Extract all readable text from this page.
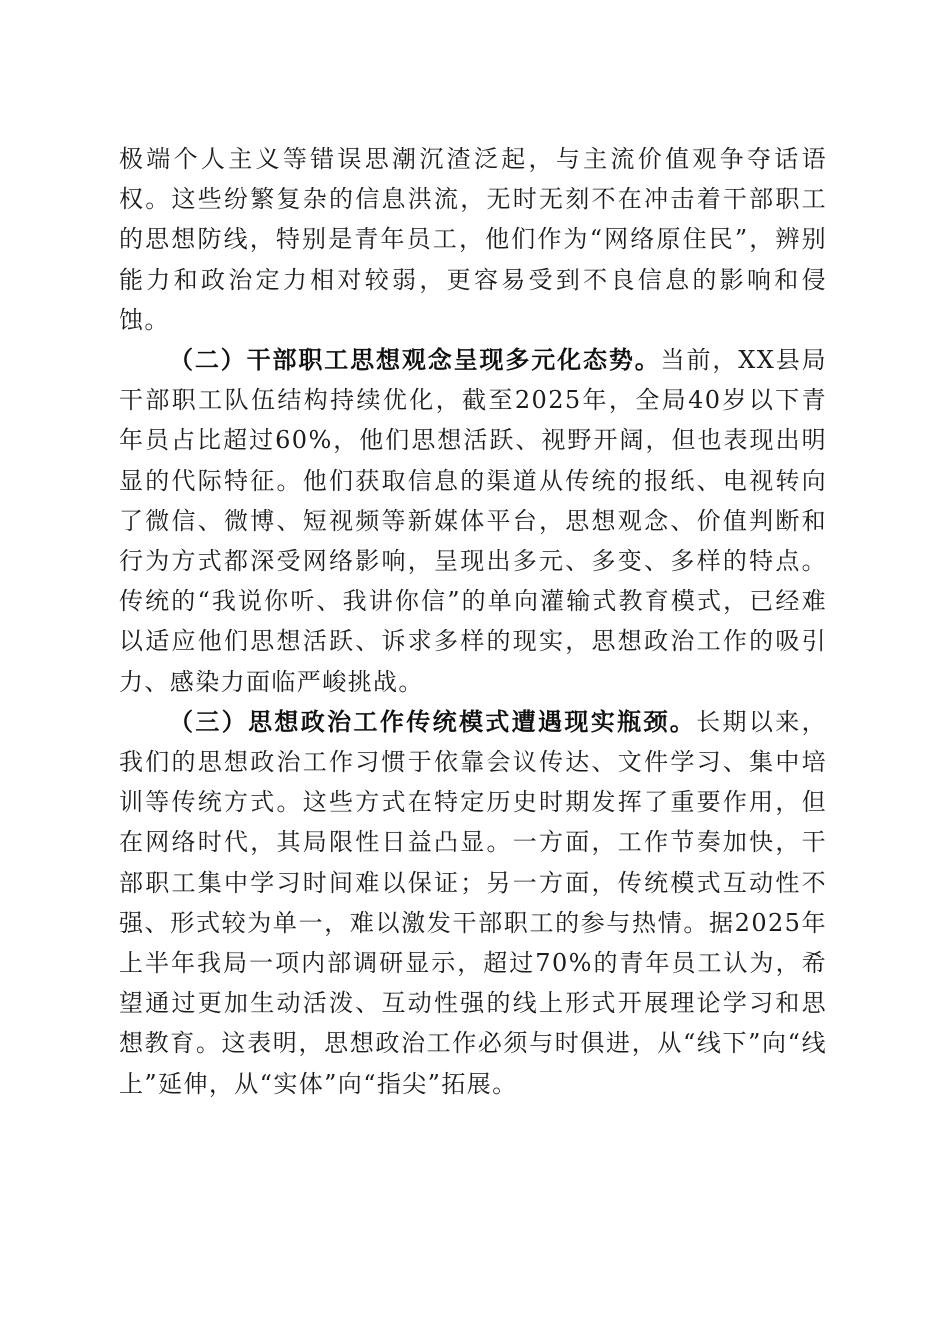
极端个人主义等错误思潮沉渣泛起，与主流价值观争夺话语权。这些纷繁复杂的信息洪流，无时无刻不在冲击着干部职工的思想防线，特别是青年员工，他们作为“网络原住民”，辨别能力和政治定力相对较弱，更容易受到不良信息的影响和侵蚀。

（二）干部职工思想观念呈现多元化态势。当前，XX县局干部职工队伍结构持续优化，截至2025年，全局40岁以下青年员占比超过60%，他们思想活跃、视野开阔，但也表现出明显的代际特征。他们获取信息的渠道从传统的报纸、电视转向了微信、微博、短视频等新媒体平台，思想观念、价值判断和行为方式都深受网络影响，呈现出多元、多变、多样的特点。传统的“我说你听、我讲你信”的单向灌输式教育模式，已经难以适应他们思想活跃、诉求多样的现实，思想政治工作的吸引力、感染力面临严峻挑战。

（三）思想政治工作传统模式遭遇现实瓶颈。长期以来，我们的思想政治工作习惯于依靠会议传达、文件学习、集中培训等传统方式。这些方式在特定历史时期发挥了重要作用，但在网络时代，其局限性日益凸显。一方面，工作节奏加快，干部职工集中学习时间难以保证；另一方面，传统模式互动性不强、形式较为单一，难以激发干部职工的参与热情。据2025年上半年我局一项内部调研显示，超过70%的青年员工认为，希望通过更加生动活泼、互动性强的线上形式开展理论学习和思想教育。这表明，思想政治工作必须与时俱进，从“线下”向“线上”延伸，从“实体”向“指尖”拓展。
